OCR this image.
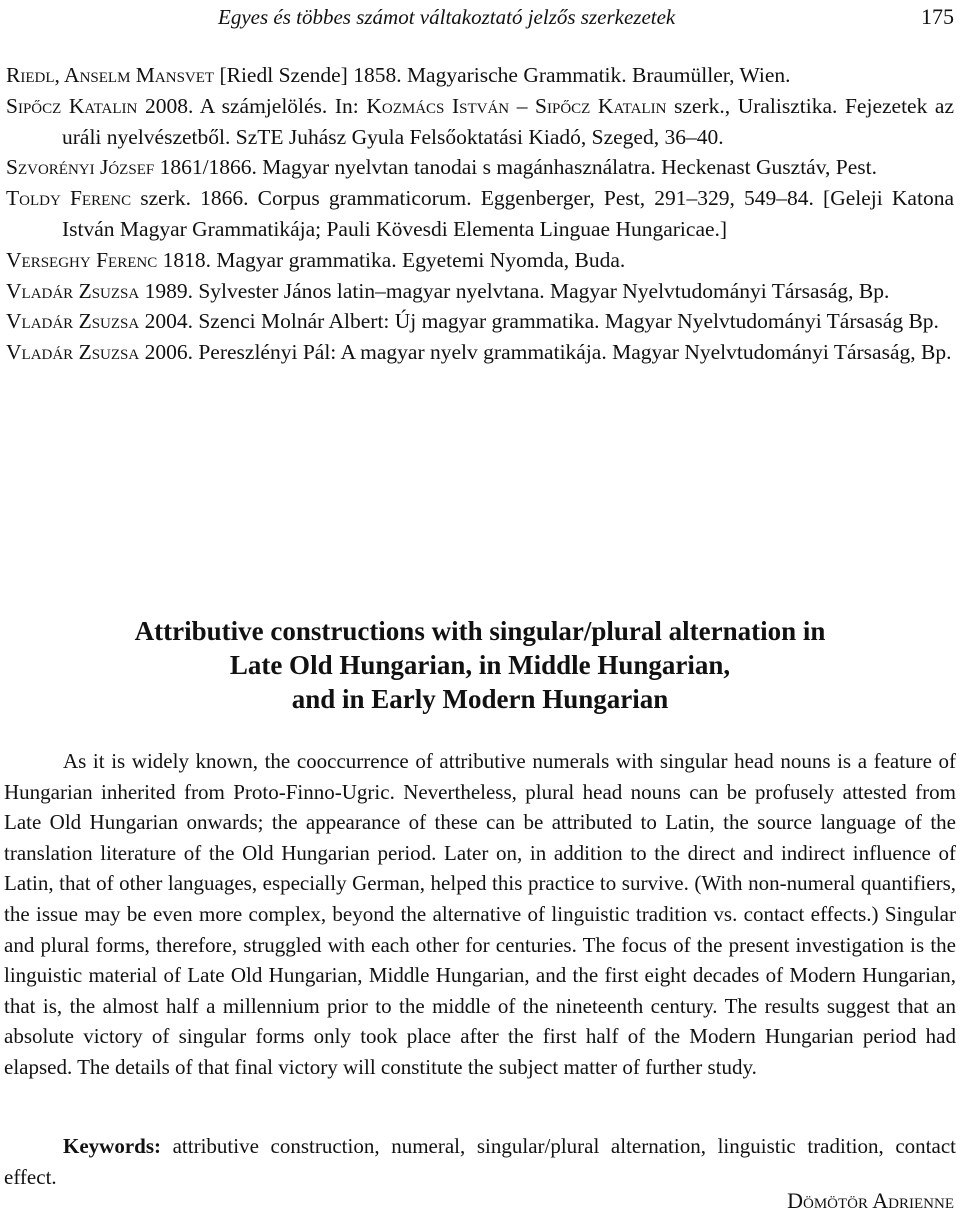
Egyes és többes számot váltakoztató jelzős szerkezetek	175
Riedl, Anselm Mansvet [Riedl Szende] 1858. Magyarische Grammatik. Braumüller, Wien.
Sipőcz Katalin 2008. A számjelölés. In: Kozmács István – Sipőcz Katalin szerk., Uralisztika. Fejezetek az uráli nyelvészetből. SzTE Juhász Gyula Felsőoktatási Kiadó, Szeged, 36–40.
Szvorényi József 1861/1866. Magyar nyelvtan tanodai s magánhasználatra. Heckenast Gusztáv, Pest.
Toldy Ferenc szerk. 1866. Corpus grammaticorum. Eggenberger, Pest, 291–329, 549–84. [Geleji Katona István Magyar Grammatikája; Pauli Kövesdi Elementa Linguae Hungaricae.]
Verseghy Ferenc 1818. Magyar grammatika. Egyetemi Nyomda, Buda.
Vladár Zsuzsa 1989. Sylvester János latin–magyar nyelvtana. Magyar Nyelvtudományi Társaság, Bp.
Vladár Zsuzsa 2004. Szenci Molnár Albert: Új magyar grammatika. Magyar Nyelvtudományi Társaság Bp.
Vladár Zsuzsa 2006. Pereszlényi Pál: A magyar nyelv grammatikája. Magyar Nyelvtudományi Társaság, Bp.
Attributive constructions with singular/plural alternation in
Late Old Hungarian, in Middle Hungarian,
and in Early Modern Hungarian

As it is widely known, the cooccurrence of attributive numerals with singular head nouns is a feature of Hungarian inherited from Proto-Finno-Ugric. Nevertheless, plural head nouns can be profusely attested from Late Old Hungarian onwards; the appearance of these can be attributed to Latin, the source language of the translation literature of the Old Hungarian period. Later on, in addition to the direct and indirect influence of Latin, that of other languages, especially German, helped this practice to survive. (With non-numeral quantifiers, the issue may be even more complex, beyond the alternative of linguistic tradition vs. contact effects.) Singular and plural forms, therefore, struggled with each other for centuries. The focus of the present investigation is the linguistic material of Late Old Hungarian, Middle Hungarian, and the first eight decades of Modern Hungarian, that is, the almost half a millennium prior to the middle of the nineteenth century. The results suggest that an absolute victory of singular forms only took place after the first half of the Modern Hungarian period had elapsed. The details of that final victory will constitute the subject matter of further study.

Keywords: attributive construction, numeral, singular/plural alternation, linguistic tradition, contact effect.

Dömötör Adrienne
